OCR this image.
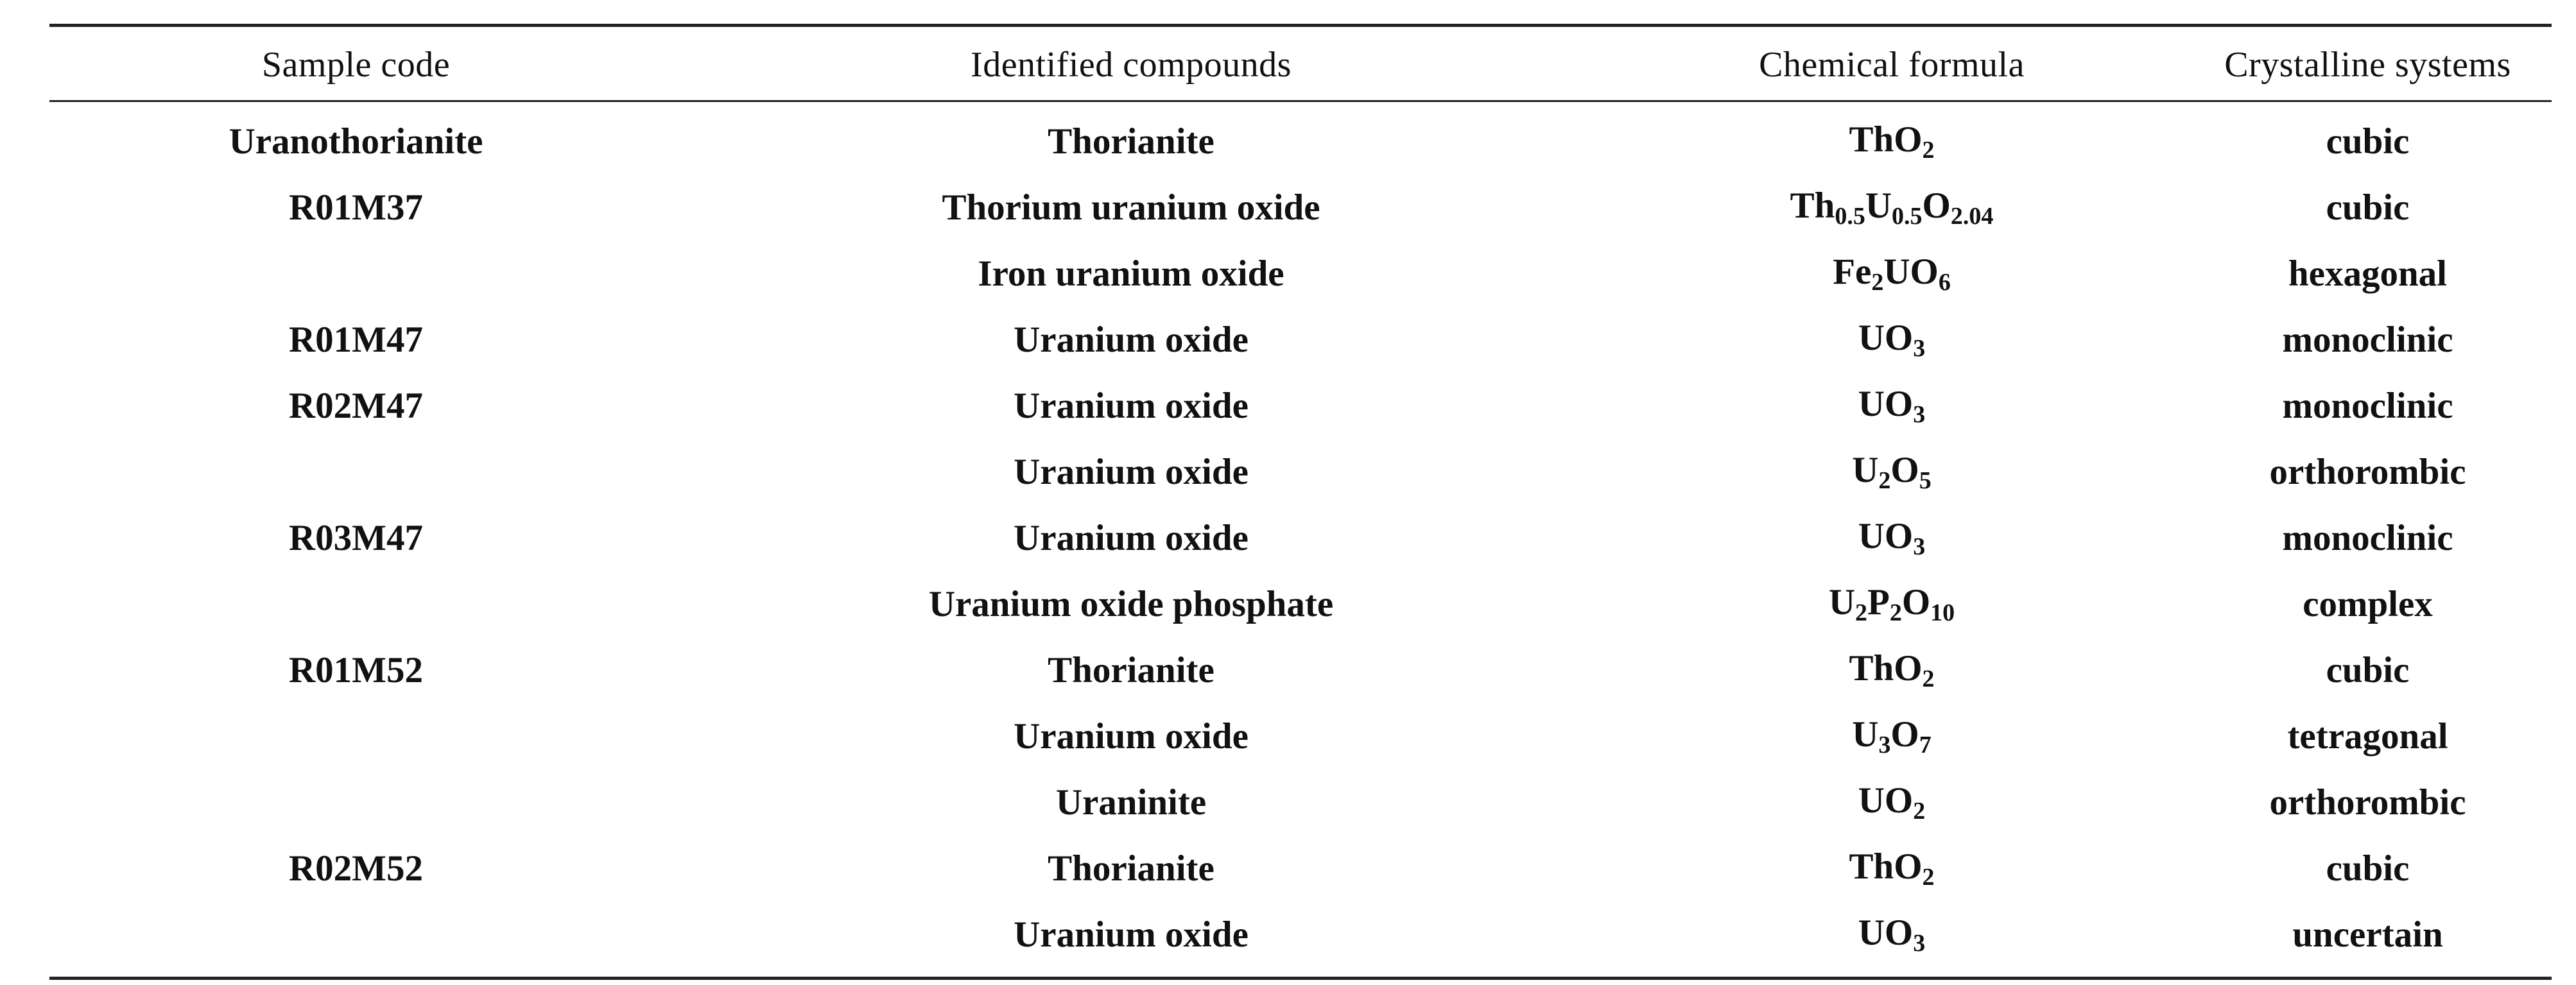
Sample code	Identified compounds	Chemical formula	Crystalline systems

Uranothorianite	Thorianite	ThO2	cubic
R01M37	Thorium uranium oxide	Th0.5U0.5O2.04	cubic
	Iron uranium oxide	Fe2UO6	hexagonal
R01M47	Uranium oxide	UO3	monoclinic
R02M47	Uranium oxide	UO3	monoclinic
	Uranium oxide	U2O5	orthorombic
R03M47	Uranium oxide	UO3	monoclinic
	Uranium oxide phosphate	U2P2O10	complex
R01M52	Thorianite	ThO2	cubic
	Uranium oxide	U3O7	tetragonal
	Uraninite	UO2	orthorombic
R02M52	Thorianite	ThO2	cubic
	Uranium oxide	UO3	uncertain
